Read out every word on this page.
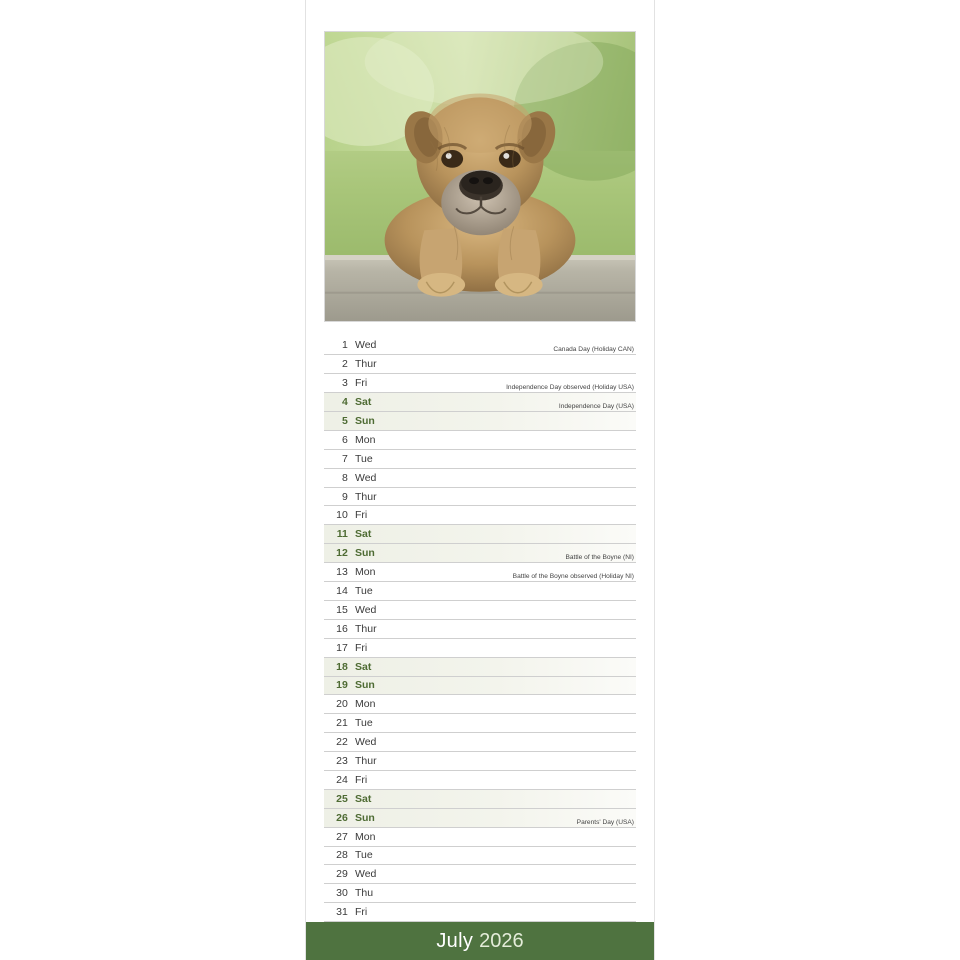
1 Wed	Canada Day (Holiday CAN)
2 Thur
3 Fri	Independence Day observed (Holiday USA)
4 Sat	Independence Day (USA)
5 Sun
6 Mon
7 Tue
8 Wed
9 Thur
10 Fri
11 Sat
12 Sun	Battle of the Boyne (NI)
13 Mon	Battle of the Boyne observed (Holiday NI)
14 Tue
15 Wed
16 Thur
17 Fri
18 Sat
19 Sun
20 Mon
21 Tue
22 Wed
23 Thur
24 Fri
25 Sat
26 Sun	Parents' Day (USA)
27 Mon
28 Tue
29 Wed
30 Thu
31 Fri
July 2026
